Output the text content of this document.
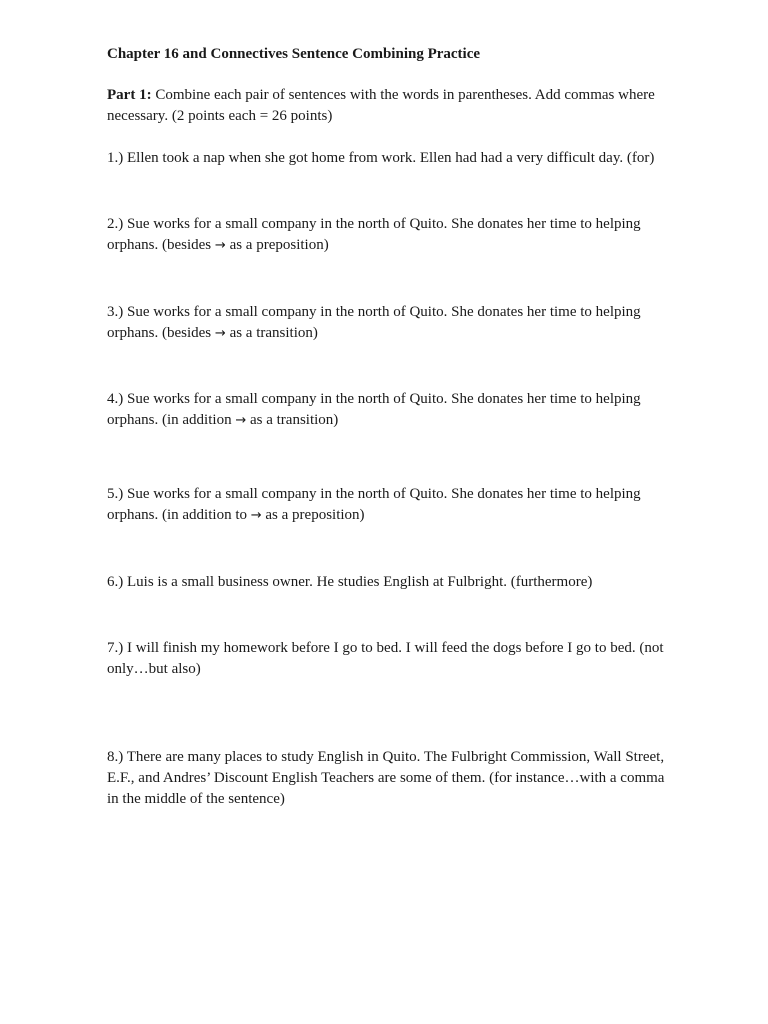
Chapter 16 and Connectives Sentence Combining Practice

Part 1: Combine each pair of sentences with the words in parentheses. Add commas where necessary. (2 points each = 26 points)

1.) Ellen took a nap when she got home from work. Ellen had had a very difficult day. (for)

2.) Sue works for a small company in the north of Quito. She donates her time to helping orphans. (besides → as a preposition)

3.) Sue works for a small company in the north of Quito. She donates her time to helping orphans. (besides → as a transition)

4.) Sue works for a small company in the north of Quito. She donates her time to helping orphans. (in addition → as a transition)

5.) Sue works for a small company in the north of Quito. She donates her time to helping orphans. (in addition to → as a preposition)

6.) Luis is a small business owner. He studies English at Fulbright. (furthermore)

7.) I will finish my homework before I go to bed. I will feed the dogs before I go to bed. (not only…but also)

8.) There are many places to study English in Quito. The Fulbright Commission, Wall Street, E.F., and Andres’ Discount English Teachers are some of them. (for instance…with a comma in the middle of the sentence)
